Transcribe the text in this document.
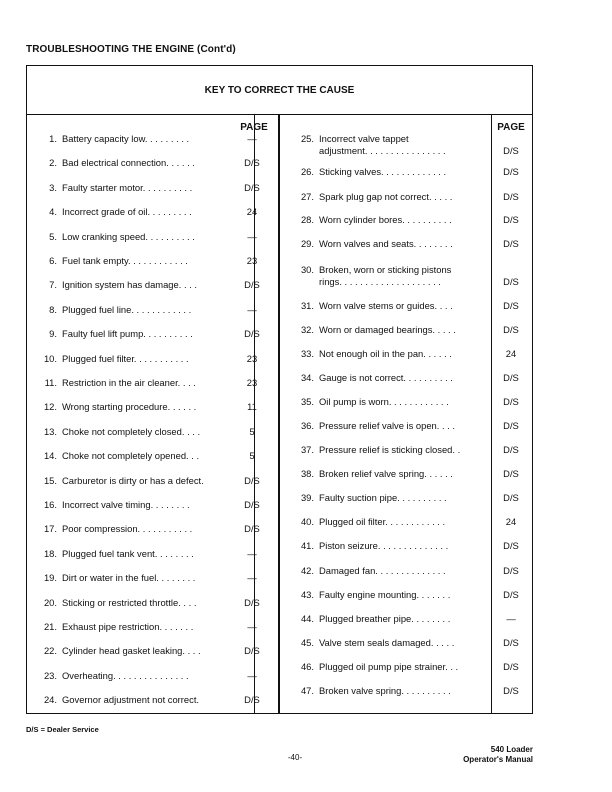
TROUBLESHOOTING THE ENGINE (Cont'd)
KEY TO CORRECT THE CAUSE
PAGE	PAGE
1. Battery capacity low. . . . . . . . .	—
2. Bad electrical connection. . . . . .	D/S
3. Faulty starter motor. . . . . . . . . .	D/S
4. Incorrect grade of oil. . . . . . . . .	24
5. Low cranking speed. . . . . . . . . .	—
6. Fuel tank empty. . . . . . . . . . . .	23
7. Ignition system has damage. . . .	D/S
8. Plugged fuel line. . . . . . . . . . . .	—
9. Faulty fuel lift pump. . . . . . . . . .	D/S
10. Plugged fuel filter. . . . . . . . . . .	23
11. Restriction in the air cleaner. . . .	23
12. Wrong starting procedure. . . . . .	11
13. Choke not completely closed. . . .	5
14. Choke not completely opened. . .	5
15. Carburetor is dirty or has a defect.	D/S
16. Incorrect valve timing. . . . . . . .	D/S
17. Poor compression. . . . . . . . . . .	D/S
18. Plugged fuel tank vent. . . . . . . .	—
19. Dirt or water in the fuel. . . . . . . .	—
20. Sticking or restricted throttle. . . .	D/S
21. Exhaust pipe restriction. . . . . . .	—
22. Cylinder head gasket leaking. . . .	D/S
23. Overheating. . . . . . . . . . . . . . .	—
24. Governor adjustment not correct.	D/S
25. Incorrect valve tappet
adjustment. . . . . . . . . . . . . . . .	D/S
26. Sticking valves. . . . . . . . . . . . .	D/S
27. Spark plug gap not correct. . . . .	D/S
28. Worn cylinder bores. . . . . . . . . .	D/S
29. Worn valves and seats. . . . . . . .	D/S
30. Broken, worn or sticking pistons
rings. . . . . . . . . . . . . . . . . . . .	D/S
31. Worn valve stems or guides. . . .	D/S
32. Worn or damaged bearings. . . . .	D/S
33. Not enough oil in the pan. . . . . .	24
34. Gauge is not correct. . . . . . . . . .	D/S
35. Oil pump is worn. . . . . . . . . . . .	D/S
36. Pressure relief valve is open. . . .	D/S
37. Pressure relief is sticking closed. .	D/S
38. Broken relief valve spring. . . . . .	D/S
39. Faulty suction pipe. . . . . . . . . .	D/S
40. Plugged oil filter. . . . . . . . . . . .	24
41. Piston seizure. . . . . . . . . . . . . .	D/S
42. Damaged fan. . . . . . . . . . . . . .	D/S
43. Faulty engine mounting. . . . . . .	D/S
44. Plugged breather pipe. . . . . . . .	—
45. Valve stem seals damaged. . . . .	D/S
46. Plugged oil pump pipe strainer. . .	D/S
47. Broken valve spring. . . . . . . . . .	D/S
D/S = Dealer Service
-40-
540 Loader
Operator's Manual
